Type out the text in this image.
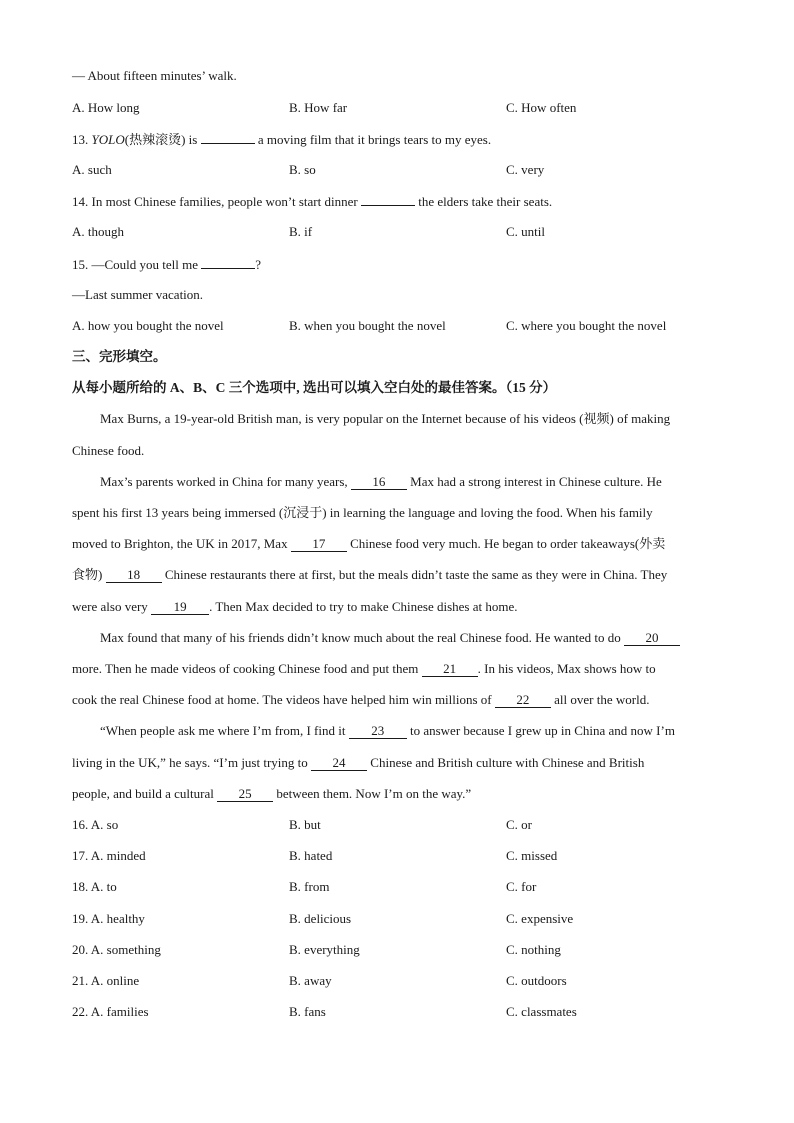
— About fifteen minutes’ walk.
A. How long	B. How far	C. How often
13. YOLO(热辣滚烫) is	a moving film that it brings tears to my eyes.
A. such	B. so	C. very
14. In most Chinese families, people won’t start dinner	the elders take their seats.
A. though	B. if	C. until
15. —Could you tell me	?
—Last summer vacation.
A. how you bought the novel	B. when you bought the novel	C. where you bought the novel
三、完形填空。
从每小题所给的 A、B、C 三个选项中, 选出可以填入空白处的最佳答案。（15 分）
Max Burns, a 19-year-old British man, is very popular on the Internet because of his videos (视频) of making
Chinese food.
Max’s parents worked in China for many years, 16 Max had a strong interest in Chinese culture. He
spent his first 13 years being immersed (沉浸于) in learning the language and loving the food. When his family
moved to Brighton, the UK in 2017, Max 17 Chinese food very much. He began to order takeaways(外卖
食物) 18 Chinese restaurants there at first, but the meals didn’t taste the same as they were in China. They
were also very 19 . Then Max decided to try to make Chinese dishes at home.
Max found that many of his friends didn’t know much about the real Chinese food. He wanted to do 20
more. Then he made videos of cooking Chinese food and put them 21 . In his videos, Max shows how to
cook the real Chinese food at home. The videos have helped him win millions of 22 all over the world.
“When people ask me where I’m from, I find it 23 to answer because I grew up in China and now I’m
living in the UK,” he says. “I’m just trying to 24 Chinese and British culture with Chinese and British
people, and build a cultural 25 between them. Now I’m on the way.”
16. A. so	B. but	C. or
17. A. minded	B. hated	C. missed
18. A. to	B. from	C. for
19. A. healthy	B. delicious	C. expensive
20. A. something	B. everything	C. nothing
21. A. online	B. away	C. outdoors
22. A. families	B. fans	C. classmates
